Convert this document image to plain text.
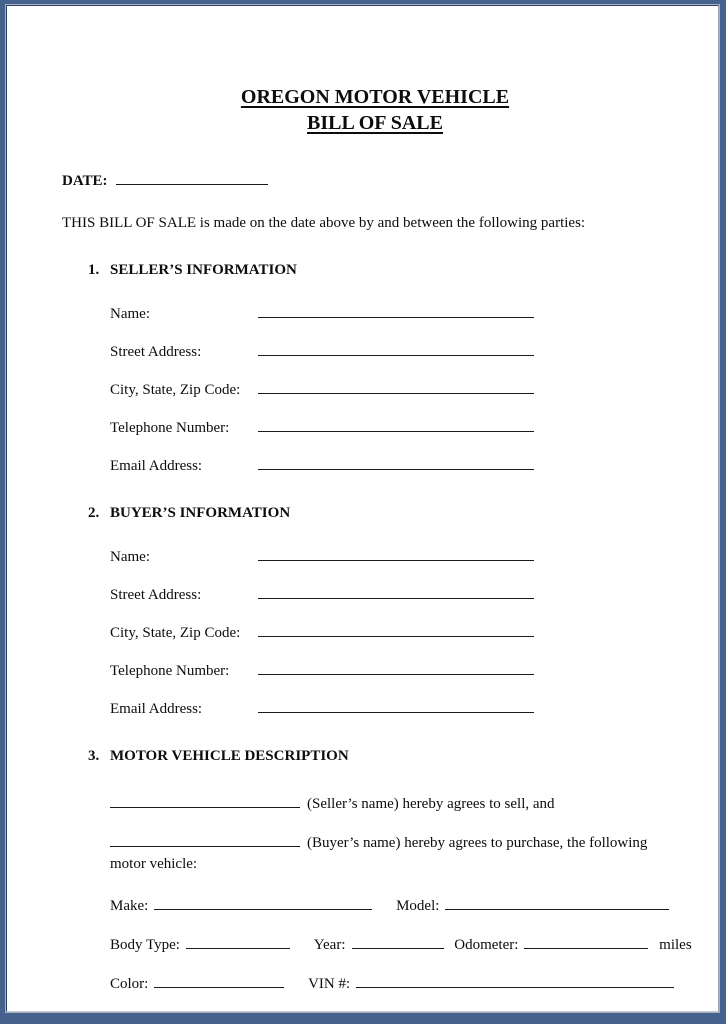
OREGON MOTOR VEHICLE
BILL OF SALE
DATE:

THIS BILL OF SALE is made on the date above by and between the following parties:

1. SELLER’S INFORMATION
Name:
Street Address:
City, State, Zip Code:
Telephone Number:
Email Address:
2. BUYER’S INFORMATION
Name:
Street Address:
City, State, Zip Code:
Telephone Number:
Email Address:
3. MOTOR VEHICLE DESCRIPTION

(Seller’s name) hereby agrees to sell, and

(Buyer’s name) hereby agrees to purchase, the following

motor vehicle:
Make:	Model:
Body Type:	Year:	Odometer:	miles
Color:	VIN #:
